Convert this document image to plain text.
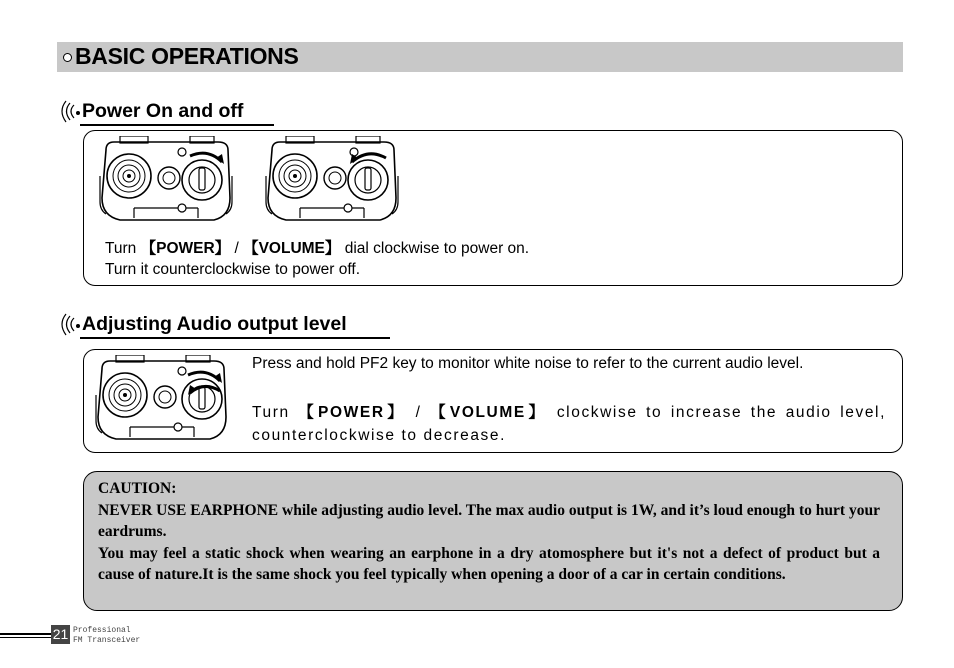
BASIC OPERATIONS
Power On and off
Turn 【POWER】 / 【VOLUME】 dial clockwise to power on.
Turn it counterclockwise to power off.
Adjusting Audio output level

Press and hold PF2 key to monitor white noise to refer to the current audio level.

Turn 【POWER】 / 【VOLUME】 clockwise to increase the audio level, counterclockwise to decrease.

CAUTION:
NEVER USE EARPHONE while adjusting audio level. The max audio output is 1W, and it’s loud enough to hurt your eardrums.
You may feel a static shock when wearing an earphone in a dry atomosphere but it's not a defect of product but a cause of nature.It is the same shock you feel typically when opening a door of a car in certain conditions.
21 Professional
FM Transceiver
